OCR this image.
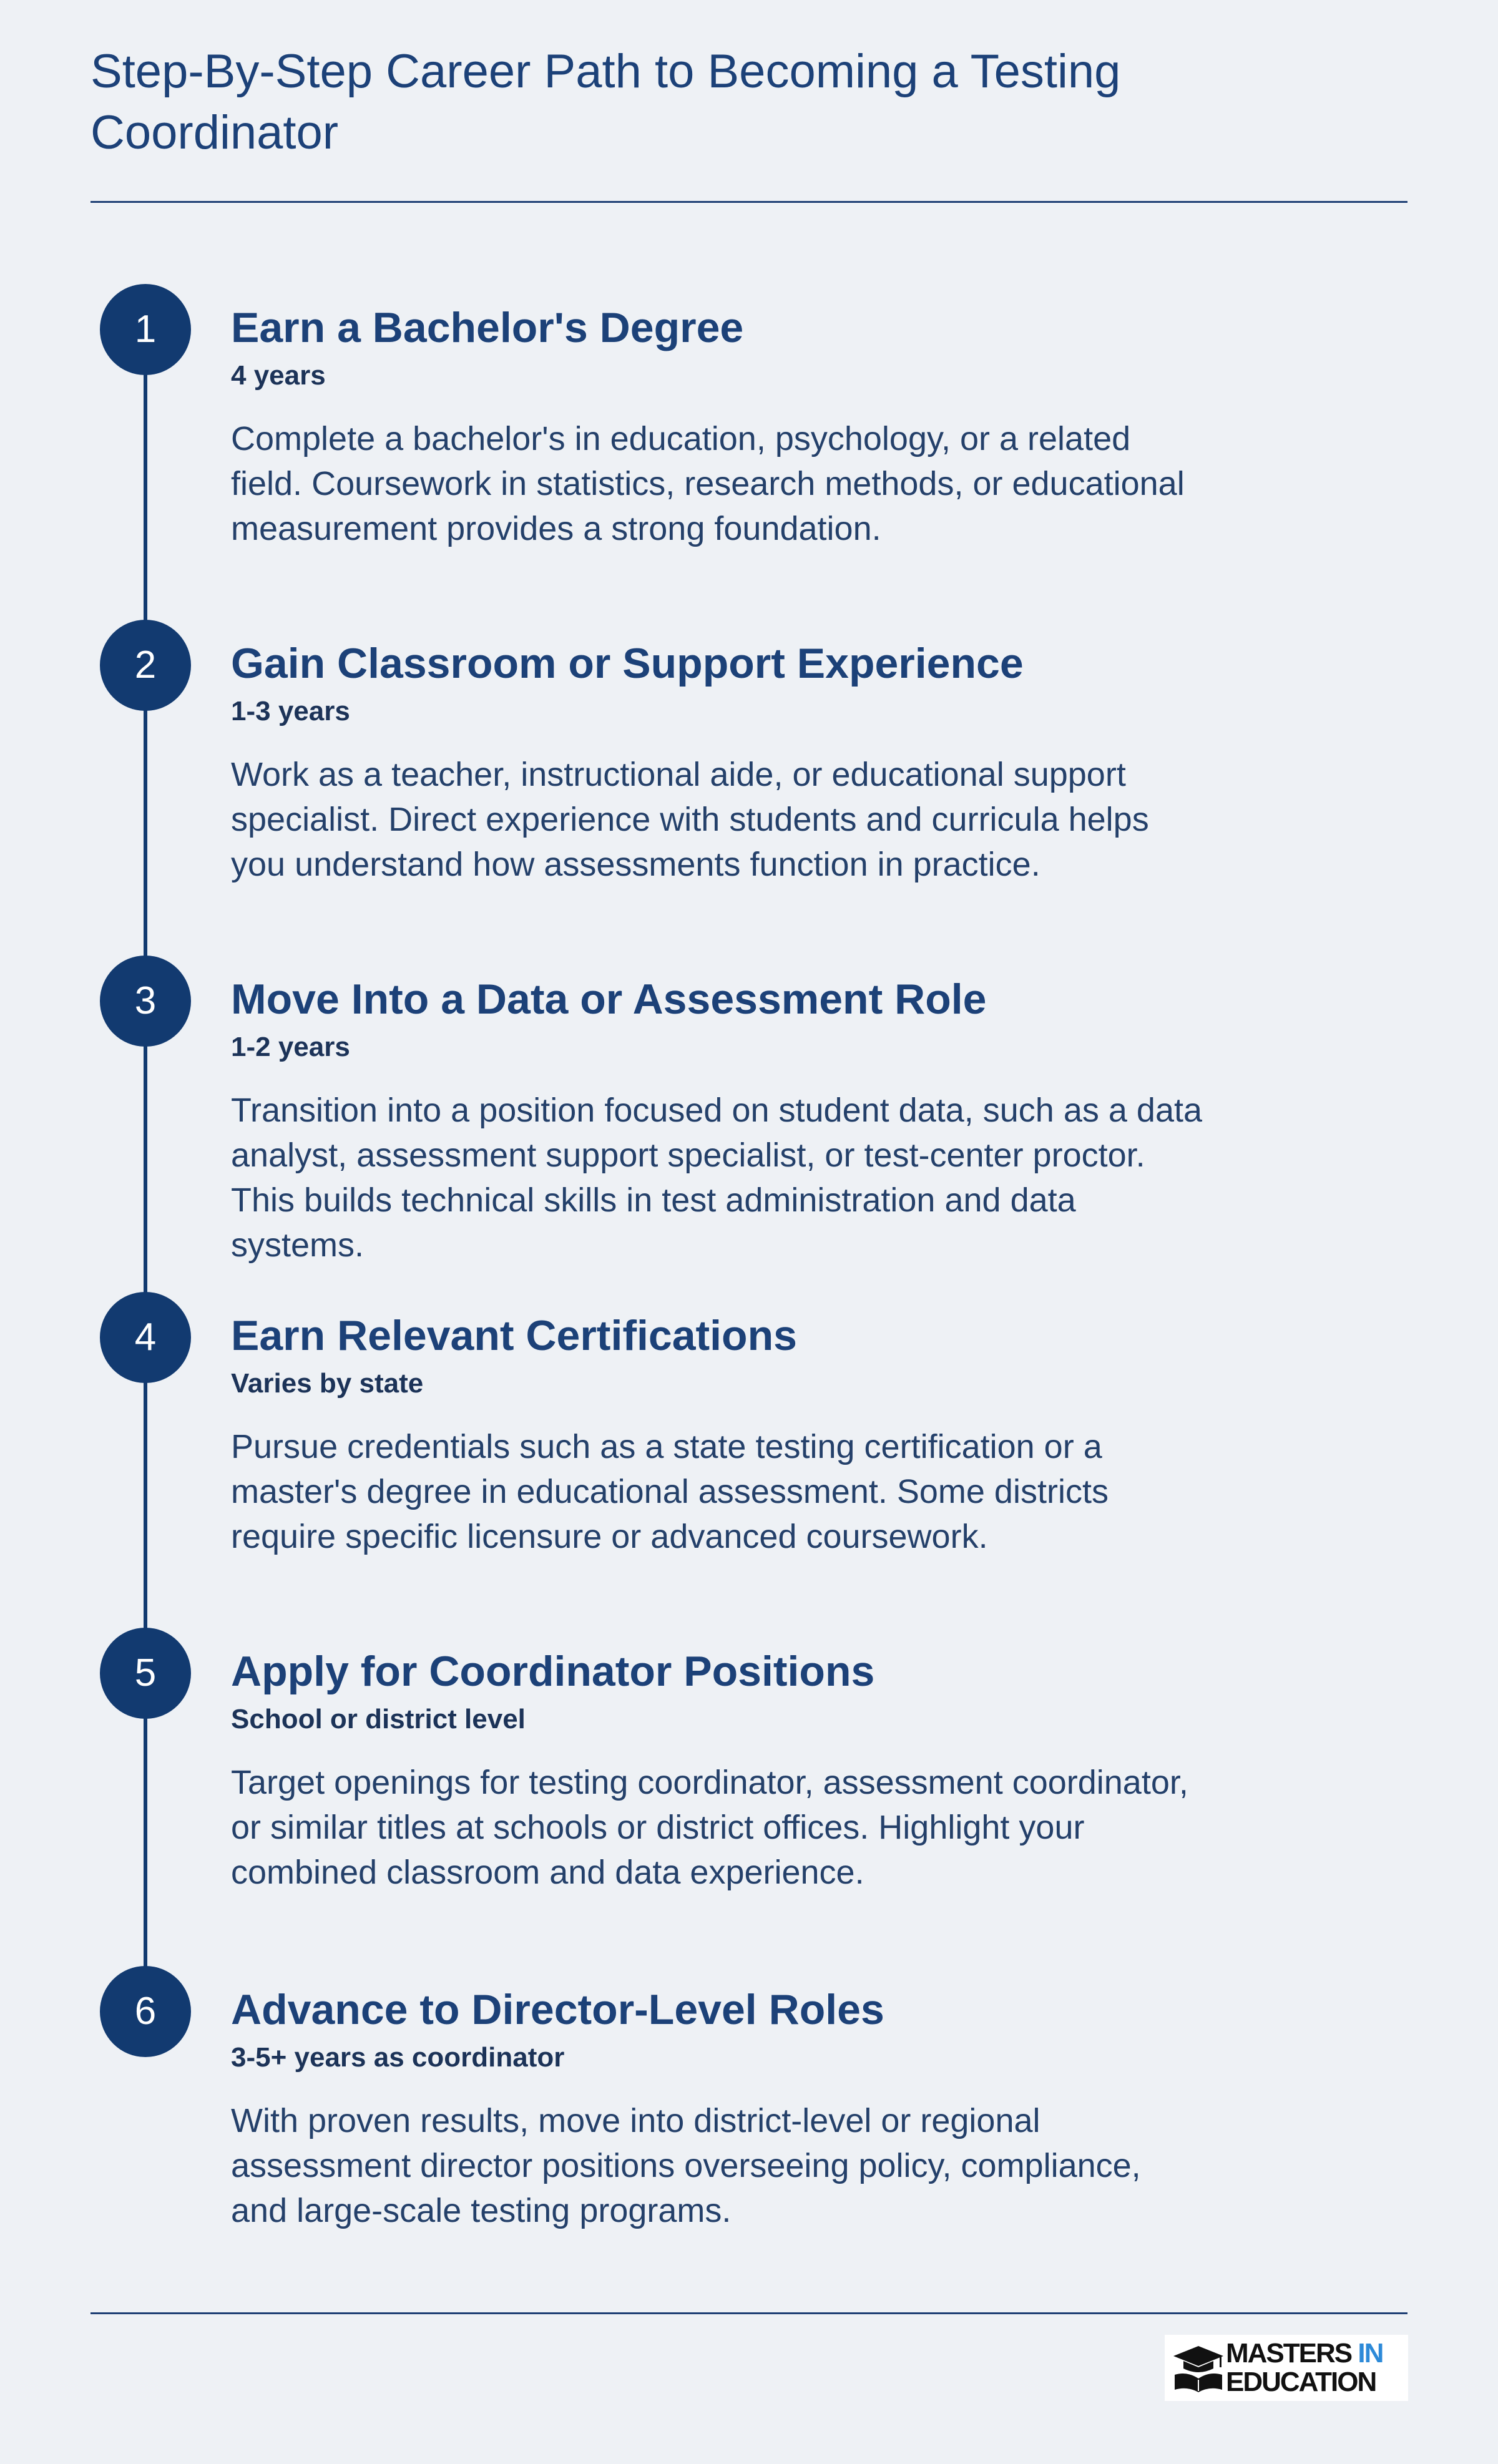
Step-By-Step Career Path to Becoming a Testing Coordinator
1	Earn a Bachelor's Degree
4 years

Complete a bachelor's in education, psychology, or a related field. Coursework in statistics, research methods, or educational measurement provides a strong foundation.

2	Gain Classroom or Support Experience
1-3 years

Work as a teacher, instructional aide, or educational support specialist. Direct experience with students and curricula helps you understand how assessments function in practice.

3	Move Into a Data or Assessment Role
1-2 years

Transition into a position focused on student data, such as a data analyst, assessment support specialist, or test-center proctor. This builds technical skills in test administration and data systems.

4	Earn Relevant Certifications
Varies by state

Pursue credentials such as a state testing certification or a master's degree in educational assessment. Some districts require specific licensure or advanced coursework.

5	Apply for Coordinator Positions
School or district level

Target openings for testing coordinator, assessment coordinator, or similar titles at schools or district offices. Highlight your combined classroom and data experience.

6	Advance to Director-Level Roles
3-5+ years as coordinator

With proven results, move into district-level or regional assessment director positions overseeing policy, compliance, and large-scale testing programs.

MASTERS IN
EDUCATION
